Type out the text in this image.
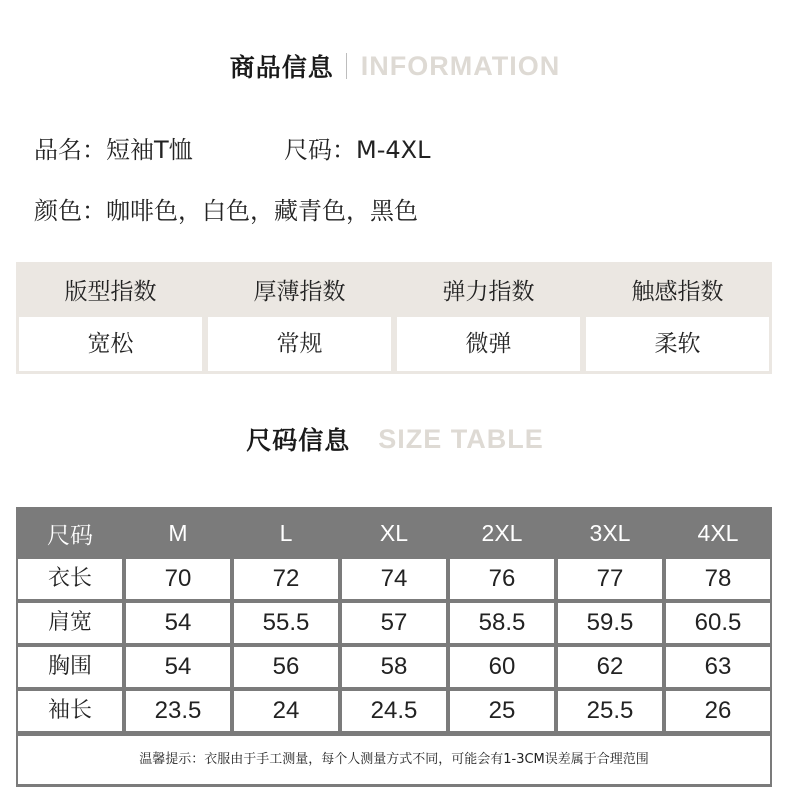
商品信息 INFORMATION
品名：短袖T恤	尺码：M-4XL
颜色：咖啡色，白色，藏青色，黑色
版型指数	厚薄指数	弹力指数	触感指数

宽松	常规	微弹	柔软
尺码信息 SIZE TABLE
尺码	M	L	XL	2XL	3XL	4XL

衣长	70	72	74	76	77	78

肩宽	54	55.5	57	58.5	59.5	60.5

胸围	54	56	58	60	62	63

袖长	23.5	24	24.5	25	25.5	26

温馨提示：衣服由于手工测量，每个人测量方式不同，可能会有1-3CM误差属于合理范围						
